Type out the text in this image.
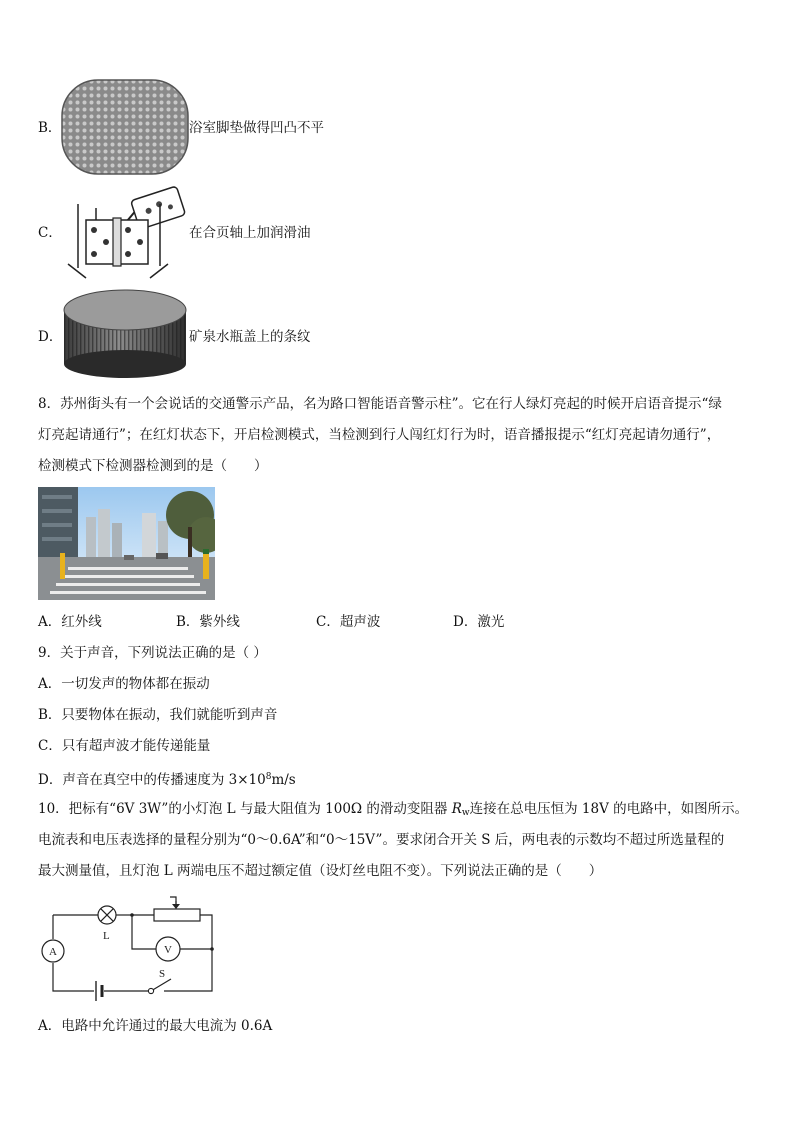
B．	浴室脚垫做得凹凸不平
C．	在合页轴上加润滑油
D．	矿泉水瓶盖上的条纹
8．苏州街头有一个会说话的交通警示产品，名为路口智能语音警示柱”。它在行人绿灯亮起的时候开启语音提示“绿
灯亮起请通行”；在红灯状态下，开启检测模式，当检测到行人闯红灯行为时，语音播报提示“红灯亮起请勿通行”，
检测模式下检测器检测到的是（　　）
A．红外线	B．紫外线	C．超声波	D．激光
9．关于声音，下列说法正确的是（ ）
A．一切发声的物体都在振动
B．只要物体在振动，我们就能听到声音
C．只有超声波才能传递能量
D．声音在真空中的传播速度为 $3\times 10^8m/s$
10．把标有“6V 3W”的小灯泡 L 与最大阻值为 100Ω 的滑动变阻器 $R_w$连接在总电压恒为 18V 的电路中，如图所示。
电流表和电压表选择的量程分别为“0～0.6A”和“0～15V”。要求闭合开关 S 后，两电表的示数均不超过所选量程的
最大测量值，且灯泡 L 两端电压不超过额定值（设灯丝电阻不变）。下列说法正确的是（　　）
L
A	V
S
A．电路中允许通过的最大电流为 0.6A
